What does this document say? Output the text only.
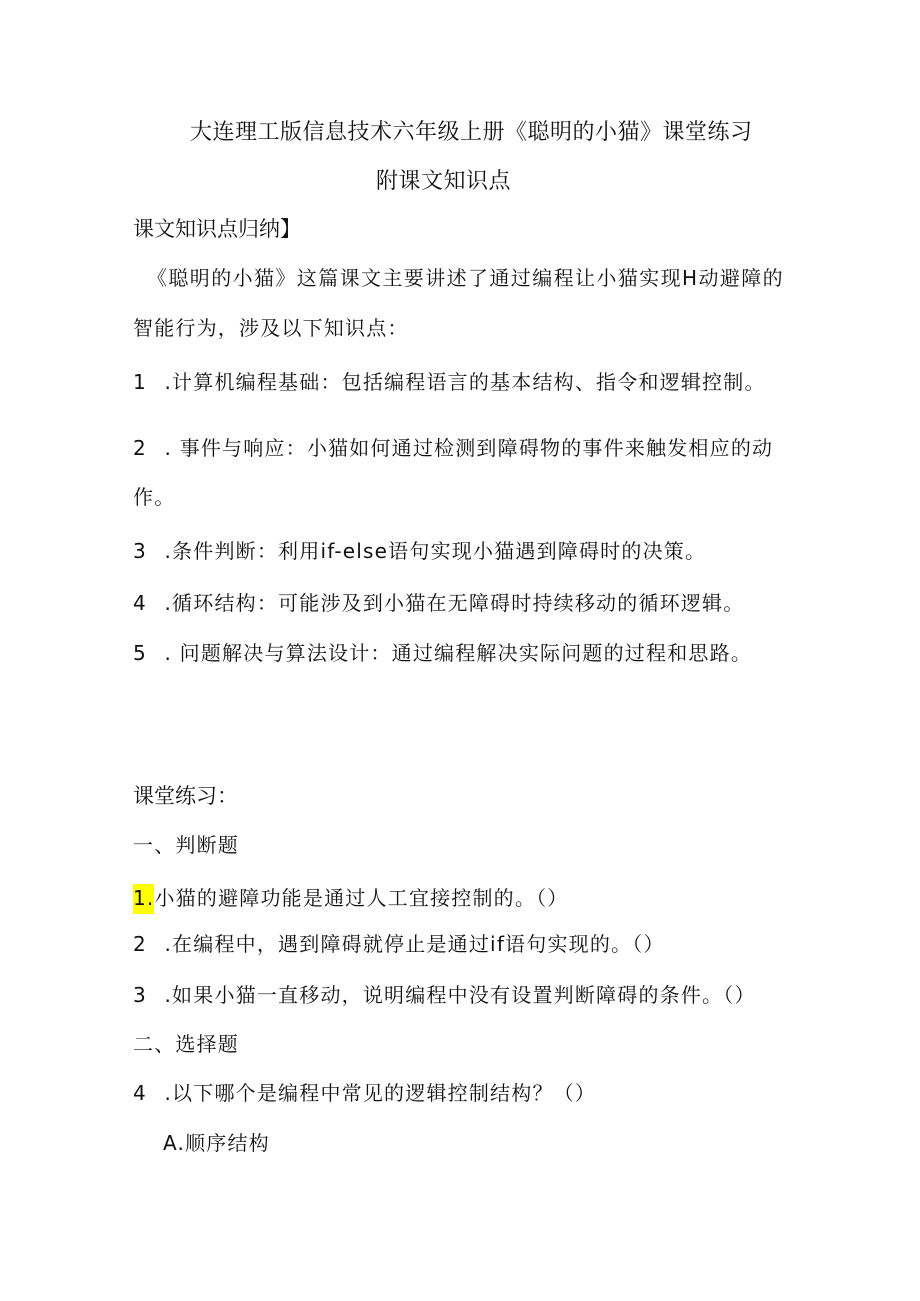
大连理工版信息技术六年级上册《聪明的小猫》课堂练习

附课文知识点

课文知识点归纳】

《聪明的小猫》这篇课文主要讲述了通过编程让小猫实现H动避障的

智能行为，涉及以下知识点：

1 .计算机编程基础：包括编程语言的基本结构、指令和逻辑控制。

2 . 事件与响应：小猫如何通过检测到障碍物的事件来触发相应的动

作。

3 .条件判断：利用if-else语句实现小猫遇到障碍时的决策。

4 .循环结构：可能涉及到小猫在无障碍时持续移动的循环逻辑。

5 . 问题解决与算法设计：通过编程解决实际问题的过程和思路。

课堂练习：

一、判断题

1.小猫的避障功能是通过人工宜接控制的。（）

2 .在编程中，遇到障碍就停止是通过if语句实现的。（）

3 .如果小猫一直移动，说明编程中没有设置判断障碍的条件。（）

二、选择题

4 .以下哪个是编程中常见的逻辑控制结构？（）

A.顺序结构
